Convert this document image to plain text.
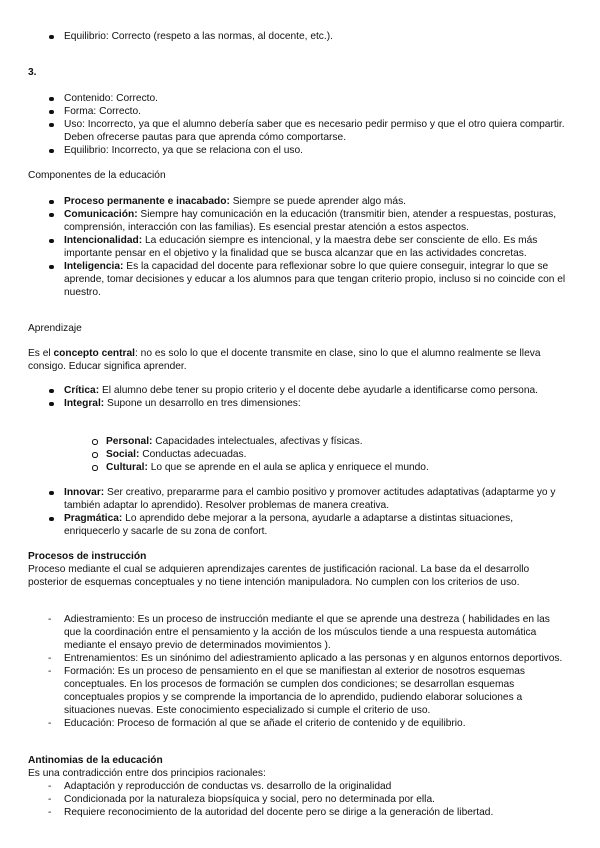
Equilibrio: Correcto (respeto a las normas, al docente, etc.).

3.

Contenido: Correcto.
Forma: Correcto.
Uso: Incorrecto, ya que el alumno debería saber que es necesario pedir permiso y que el otro quiera compartir. Deben ofrecerse pautas para que aprenda cómo comportarse.
Equilibrio: Incorrecto, ya que se relaciona con el uso.

Componentes de la educación

Proceso permanente e inacabado: Siempre se puede aprender algo más.
Comunicación: Siempre hay comunicación en la educación (transmitir bien, atender a respuestas, posturas, comprensión, interacción con las familias). Es esencial prestar atención a estos aspectos.
Intencionalidad: La educación siempre es intencional, y la maestra debe ser consciente de ello. Es más importante pensar en el objetivo y la finalidad que se busca alcanzar que en las actividades concretas.
Inteligencia: Es la capacidad del docente para reflexionar sobre lo que quiere conseguir, integrar lo que se aprende, tomar decisiones y educar a los alumnos para que tengan criterio propio, incluso si no coincide con el nuestro.

Aprendizaje

Es el concepto central: no es solo lo que el docente transmite en clase, sino lo que el alumno realmente se lleva consigo. Educar significa aprender.

Crítica: El alumno debe tener su propio criterio y el docente debe ayudarle a identificarse como persona.
Integral: Supone un desarrollo en tres dimensiones:
Personal: Capacidades intelectuales, afectivas y físicas.
Social: Conductas adecuadas.
Cultural: Lo que se aprende en el aula se aplica y enriquece el mundo.
Innovar: Ser creativo, prepararme para el cambio positivo y promover actitudes adaptativas (adaptarme yo y también adaptar lo aprendido). Resolver problemas de manera creativa.
Pragmática: Lo aprendido debe mejorar a la persona, ayudarle a adaptarse a distintas situaciones, enriquecerlo y sacarle de su zona de confort.

Procesos de instrucción

Proceso mediante el cual se adquieren aprendizajes carentes de justificación racional. La base da el desarrollo posterior de esquemas conceptuales y no tiene intención manipuladora. No cumplen con los criterios de uso.

- Adiestramiento: Es un proceso de instrucción mediante el que se aprende una destreza ( habilidades en las que la coordinación entre el pensamiento y la acción de los músculos tiende a una respuesta automática mediante el ensayo previo de determinados movimientos ).
- Entrenamientos: Es un sinónimo del adiestramiento aplicado a las personas y en algunos entornos deportivos.
- Formación: Es un proceso de pensamiento en el que se manifiestan al exterior de nosotros esquemas conceptuales. En los procesos de formación se cumplen dos condiciones; se desarrollan esquemas conceptuales propios y se comprende la importancia de lo aprendido, pudiendo elaborar soluciones a situaciones nuevas. Este conocimiento especializado si cumple el criterio de uso.
- Educación: Proceso de formación al que se añade el criterio de contenido y de equilibrio.

Antinomias de la educación

Es una contradicción entre dos principios racionales:

- Adaptación y reproducción de conductas vs. desarrollo de la originalidad
- Condicionada por la naturaleza biopsíquica y social, pero no determinada por ella.
- Requiere reconocimiento de la autoridad del docente pero se dirige a la generación de libertad.
